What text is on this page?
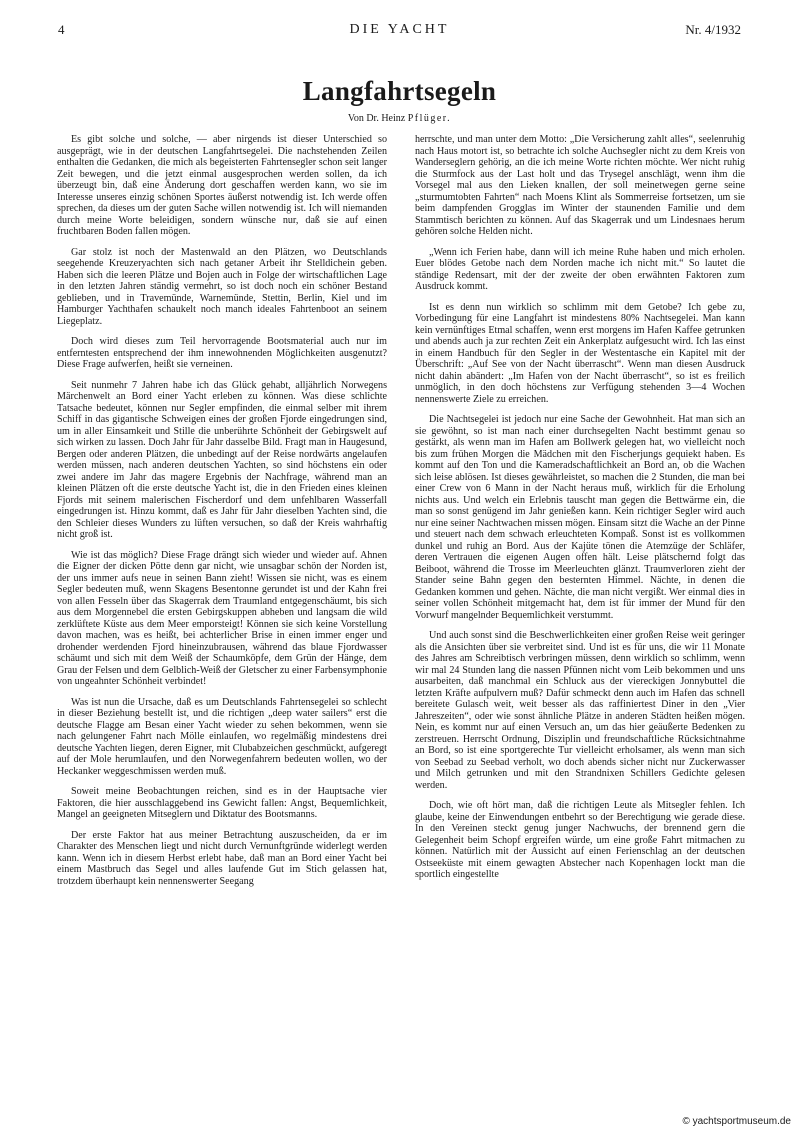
4	DIE YACHT	Nr. 4/1932
Langfahrtsegeln
Von Dr. Heinz Pflüger.

Es gibt solche und solche, — aber nirgends ist dieser Unterschied so ausgeprägt, wie in der deutschen Langfahrtsegelei. Die nachstehenden Zeilen enthalten die Gedanken, die mich als begeisterten Fahrtensegler schon seit langer Zeit bewegen, und die jetzt einmal ausgesprochen werden sollen, da ich überzeugt bin, daß eine Änderung dort geschaffen werden kann, wo sie im Interesse unseres einzig schönen Sportes äußerst notwendig ist. Ich werde offen sprechen, da dieses um der guten Sache willen notwendig ist. Ich will niemanden durch meine Worte beleidigen, sondern wünsche nur, daß sie auf einen fruchtbaren Boden fallen mögen.

Gar stolz ist noch der Mastenwald an den Plätzen, wo Deutschlands seegehende Kreuzeryachten sich nach getaner Arbeit ihr Stelldichein geben. Haben sich die leeren Plätze und Bojen auch in Folge der wirtschaftlichen Lage in den letzten Jahren ständig vermehrt, so ist doch noch ein schöner Bestand geblieben, und in Travemünde, Warnemünde, Stettin, Berlin, Kiel und im Hamburger Yachthafen schaukelt noch manch ideales Fahrtenboot an seinem Liegeplatz.

Doch wird dieses zum Teil hervorragende Bootsmaterial auch nur im entferntesten entsprechend der ihm innewohnenden Möglichkeiten ausgenutzt? Diese Frage aufwerfen, heißt sie verneinen.

Seit nunmehr 7 Jahren habe ich das Glück gehabt, alljährlich Norwegens Märchenwelt an Bord einer Yacht erleben zu können. Was diese schlichte Tatsache bedeutet, können nur Segler empfinden, die einmal selber mit ihrem Schiff in das gigantische Schweigen eines der großen Fjorde eingedrungen sind, um in aller Einsamkeit und Stille die unberührte Schönheit der Gebirgswelt auf sich wirken zu lassen. Doch Jahr für Jahr dasselbe Bild. Fragt man in Haugesund, Bergen oder anderen Plätzen, die unbedingt auf der Reise nordwärts angelaufen werden müssen, nach anderen deutschen Yachten, so sind höchstens ein oder zwei andere im Jahr das magere Ergebnis der Nachfrage, während man an kleinen Plätzen oft die erste deutsche Yacht ist, die in den Frieden eines kleinen Fjords mit seinem malerischen Fischerdorf und dem unfehlbaren Wasserfall eingedrungen ist. Hinzu kommt, daß es Jahr für Jahr dieselben Yachten sind, die den Schleier dieses Wunders zu lüften versuchen, so daß der Kreis wahrhaftig nicht groß ist.

Wie ist das möglich? Diese Frage drängt sich wieder und wieder auf. Ahnen die Eigner der dicken Pötte denn gar nicht, wie unsagbar schön der Norden ist, der uns immer aufs neue in seinen Bann zieht! Wissen sie nicht, was es einem Segler bedeuten muß, wenn Skagens Besentonne gerundet ist und der Kahn frei von allen Fesseln über das Skagerrak dem Traumland entgegenschäumt, bis sich aus dem Morgennebel die ersten Gebirgskuppen abheben und langsam die wild zerklüftete Küste aus dem Meer emporsteigt! Können sie sich keine Vorstellung davon machen, was es heißt, bei achterlicher Brise in einen immer enger und drohender werdenden Fjord hineinzubrausen, während das blaue Fjordwasser schäumt und sich mit dem Weiß der Schaumköpfe, dem Grün der Hänge, dem Grau der Felsen und dem Gelblich-Weiß der Gletscher zu einer Farbensymphonie von ungeahnter Schönheit verbindet!

Was ist nun die Ursache, daß es um Deutschlands Fahrtensegelei so schlecht in dieser Beziehung bestellt ist, und die richtigen „deep water sailers“ erst die deutsche Flagge am Besan einer Yacht wieder zu sehen bekommen, wenn sie nach gelungener Fahrt nach Mölle einlaufen, wo regelmäßig mindestens drei deutsche Yachten liegen, deren Eigner, mit Clubabzeichen geschmückt, aufgeregt auf der Mole herumlaufen, und den Norwegenfahrern bedeuten wollen, wo der Heckanker weggeschmissen werden muß.

Soweit meine Beobachtungen reichen, sind es in der Hauptsache vier Faktoren, die hier ausschlaggebend ins Gewicht fallen: Angst, Bequemlichkeit, Mangel an geeigneten Mitseglern und Diktatur des Bootsmanns.

Der erste Faktor hat aus meiner Betrachtung auszuscheiden, da er im Charakter des Menschen liegt und nicht durch Vernunftgründe widerlegt werden kann. Wenn ich in diesem Herbst erlebt habe, daß man an Bord einer Yacht bei einem Mastbruch das Segel und alles laufende Gut im Stich gelassen hat, trotzdem überhaupt kein nennenswerter Seegang

herrschte, und man unter dem Motto: „Die Versicherung zahlt alles“, seelenruhig nach Haus motort ist, so betrachte ich solche Auchsegler nicht zu dem Kreis von Wanderseglern gehörig, an die ich meine Worte richten möchte. Wer nicht ruhig die Sturmfock aus der Last holt und das Trysegel anschlägt, wenn ihm die Vorsegel mal aus den Lieken knallen, der soll meinetwegen gerne seine „sturmumtobten Fahrten“ nach Moens Klint als Sommerreise fortsetzen, um sie beim dampfenden Grogglas im Winter der staunenden Familie und dem Stammtisch berichten zu können. Auf das Skagerrak und um Lindesnaes herum gehören solche Helden nicht.

„Wenn ich Ferien habe, dann will ich meine Ruhe haben und mich erholen. Euer blödes Getobe nach dem Norden mache ich nicht mit.“ So lautet die ständige Redensart, mit der der zweite der oben erwähnten Faktoren zum Ausdruck kommt.

Ist es denn nun wirklich so schlimm mit dem Getobe? Ich gebe zu, Vorbedingung für eine Langfahrt ist mindestens 80% Nachtsegelei. Man kann kein vernünftiges Etmal schaffen, wenn erst morgens im Hafen Kaffee getrunken und abends auch ja zur rechten Zeit ein Ankerplatz aufgesucht wird. Ich las einst in einem Handbuch für den Segler in der Westentasche ein Kapitel mit der Überschrift: „Auf See von der Nacht überrascht“. Wenn man diesen Ausdruck nicht dahin abändert: „Im Hafen von der Nacht überrascht“, so ist es freilich unmöglich, in den doch höchstens zur Verfügung stehenden 3—4 Wochen nennenswerte Ziele zu erreichen.

Die Nachtsegelei ist jedoch nur eine Sache der Gewohnheit. Hat man sich an sie gewöhnt, so ist man nach einer durchsegelten Nacht bestimmt genau so gestärkt, als wenn man im Hafen am Bollwerk gelegen hat, wo vielleicht noch bis zum frühen Morgen die Mädchen mit den Fischerjungs gequiekt haben. Es kommt auf den Ton und die Kameradschaftlichkeit an Bord an, ob die Wachen sich leise ablösen. Ist dieses gewährleistet, so machen die 2 Stunden, die man bei einer Crew von 6 Mann in der Nacht heraus muß, wirklich für die Erholung nichts aus. Und welch ein Erlebnis tauscht man gegen die Bettwärme ein, die man so sonst genügend im Jahr genießen kann. Kein richtiger Segler wird auch nur eine seiner Nachtwachen missen mögen. Einsam sitzt die Wache an der Pinne und steuert nach dem schwach erleuchteten Kompaß. Sonst ist es vollkommen dunkel und ruhig an Bord. Aus der Kajüte tönen die Atemzüge der Schläfer, deren Vertrauen die eigenen Augen offen hält. Leise plätschernd folgt das Beiboot, während die Trosse im Meerleuchten glänzt. Traumverloren zieht der Stander seine Bahn gegen den besternten Himmel. Nächte, in denen die Gedanken kommen und gehen. Nächte, die man nicht vergißt. Wer einmal dies in seiner vollen Schönheit mitgemacht hat, dem ist für immer der Mund für den Vorwurf mangelnder Bequemlichkeit verstummt.

Und auch sonst sind die Beschwerlichkeiten einer großen Reise weit geringer als die Ansichten über sie verbreitet sind. Und ist es für uns, die wir 11 Monate des Jahres am Schreibtisch verbringen müssen, denn wirklich so schlimm, wenn wir mal 24 Stunden lang die nassen Pfünnen nicht vom Leib bekommen und uns ausarbeiten, daß manchmal ein Schluck aus der viereckigen Jonnybuttel die letzten Kräfte aufpulvern muß? Dafür schmeckt denn auch im Hafen das schnell bereitete Gulasch weit, weit besser als das raffiniertest Diner in den „Vier Jahreszeiten“, oder wie sonst ähnliche Plätze in anderen Städten heißen mögen. Nein, es kommt nur auf einen Versuch an, um das hier geäußerte Bedenken zu zerstreuen. Herrscht Ordnung, Disziplin und freundschaftliche Rücksichtnahme an Bord, so ist eine sportgerechte Tur vielleicht erholsamer, als wenn man sich von Seebad zu Seebad verholt, wo doch abends sicher nicht nur Zuckerwasser und Milch getrunken und mit den Strandnixen Schillers Gedichte gelesen werden.

Doch, wie oft hört man, daß die richtigen Leute als Mitsegler fehlen. Ich glaube, keine der Einwendungen entbehrt so der Berechtigung wie gerade diese. In den Vereinen steckt genug junger Nachwuchs, der brennend gern die Gelegenheit beim Schopf ergreifen würde, um eine große Fahrt mitmachen zu können. Natürlich mit der Aussicht auf einen Ferienschlag an der deutschen Ostseeküste mit einem gewagten Abstecher nach Kopenhagen lockt man die sportlich eingestellte

© yachtsportmuseum.de
